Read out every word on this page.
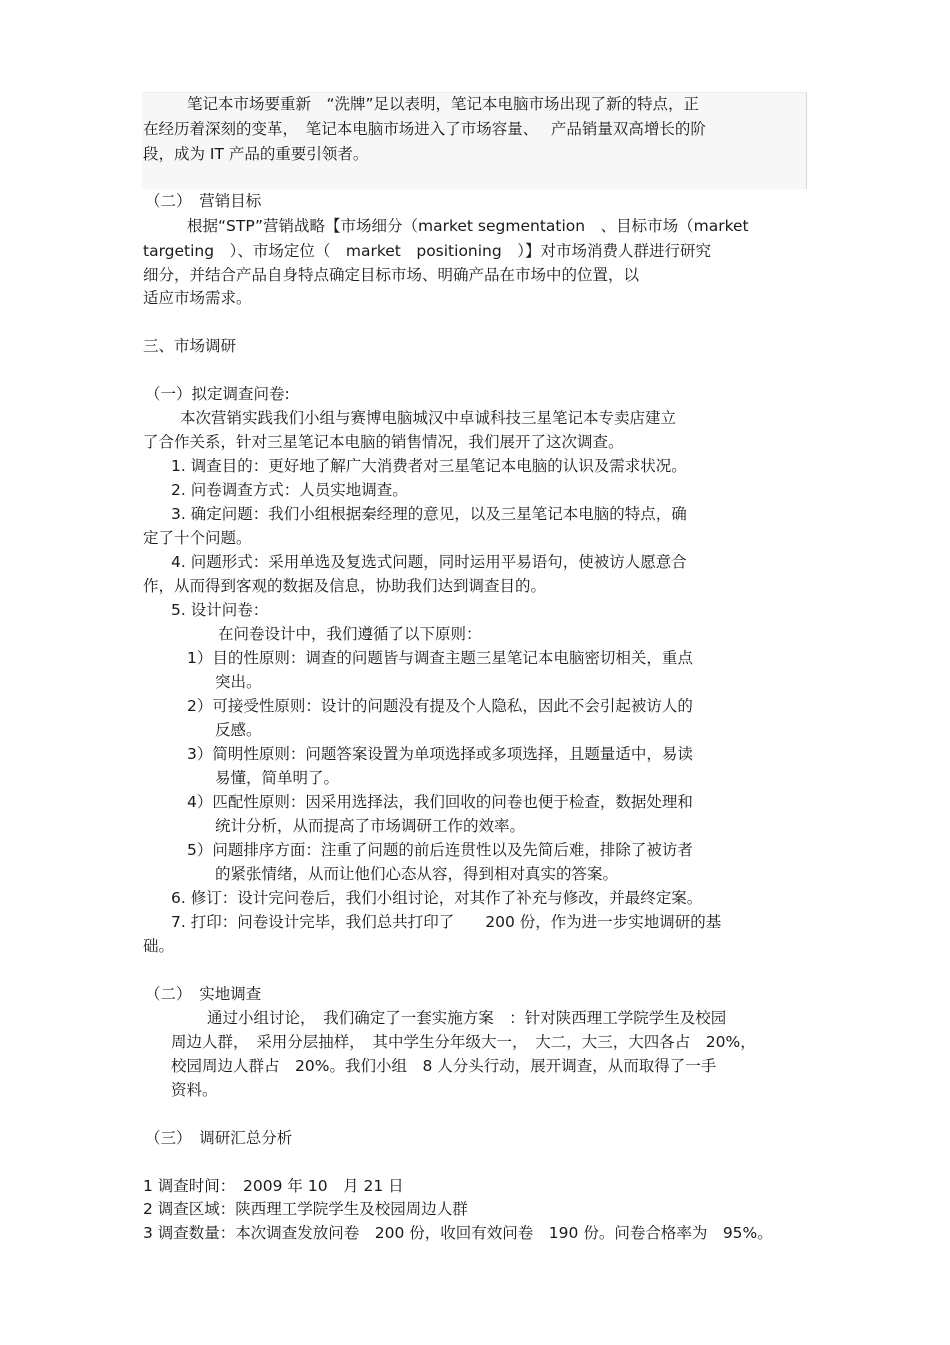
笔记本市场要重新　“洗牌”足以表明，笔记本电脑市场出现了新的特点，正
在经历着深刻的变革，　笔记本电脑市场进入了市场容量、　 产品销量双高增长的阶
段，成为 IT 产品的重要引领者。
（二）　营销目标
根据“STP”营销战略【市场细分（market segmentation　、目标市场（market
targeting　）、市场定位（　market　positioning　）】对市场消费人群进行研究
细分，并结合产品自身特点确定目标市场、明确产品在市场中的位置，以
适应市场需求。
三、市场调研
（一）拟定调查问卷:
本次营销实践我们小组与赛博电脑城汉中卓诚科技三星笔记本专卖店建立
了合作关系，针对三星笔记本电脑的销售情况，我们展开了这次调查。
1. 调查目的：更好地了解广大消费者对三星笔记本电脑的认识及需求状况。
2. 问卷调查方式：人员实地调查。
3. 确定问题：我们小组根据秦经理的意见，以及三星笔记本电脑的特点，确
定了十个问题。
4. 问题形式：采用单选及复选式问题，同时运用平易语句，使被访人愿意合
作，从而得到客观的数据及信息，协助我们达到调查目的。
5. 设计问卷：
在问卷设计中，我们遵循了以下原则：
1）目的性原则：调查的问题皆与调查主题三星笔记本电脑密切相关，重点
突出。
2）可接受性原则：设计的问题没有提及个人隐私，因此不会引起被访人的
反感。
3）简明性原则：问题答案设置为单项选择或多项选择，且题量适中，易读
易懂，简单明了。
4）匹配性原则：因采用选择法，我们回收的问卷也便于检查，数据处理和
统计分析，从而提高了市场调研工作的效率。
5）问题排序方面：注重了问题的前后连贯性以及先简后难，排除了被访者
的紧张情绪，从而让他们心态从容，得到相对真实的答案。
6. 修订：设计完问卷后，我们小组讨论，对其作了补充与修改，并最终定案。
7. 打印：问卷设计完毕，我们总共打印了　　200 份，作为进一步实地调研的基
础。
（二）　实地调查
通过小组讨论，　我们确定了一套实施方案　：针对陕西理工学院学生及校园
周边人群，　采用分层抽样，　其中学生分年级大一，　大二，大三，大四各占　20%，
校园周边人群占　20%。我们小组　8 人分头行动，展开调查，从而取得了一手
资料。
（三）　调研汇总分析
1 调查时间：　2009 年 10　月 21 日
2 调查区域：陕西理工学院学生及校园周边人群
3 调查数量：本次调查发放问卷　200 份，收回有效问卷　190 份。问卷合格率为　95%。
